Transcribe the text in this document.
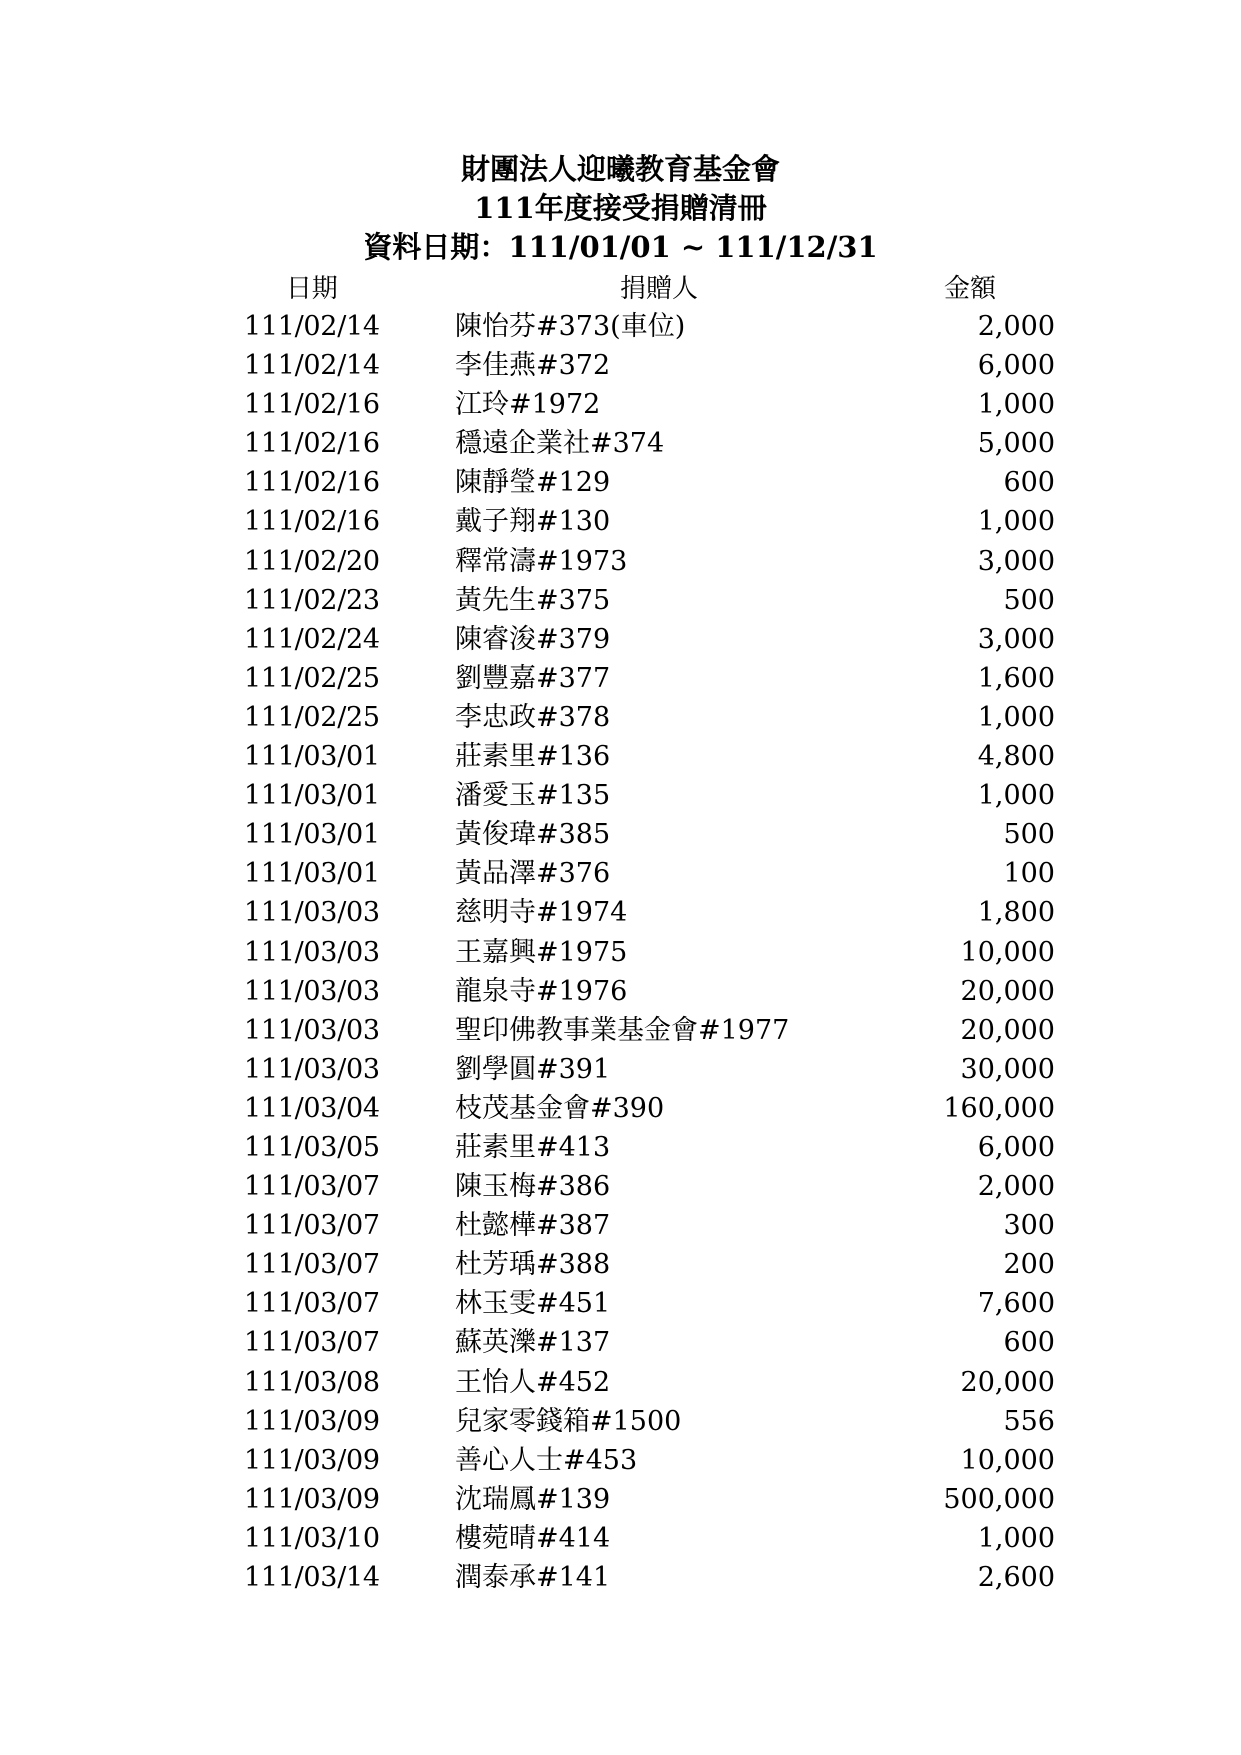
財團法人迎曦教育基金會
111年度接受捐贈清冊
資料日期：111/01/01 ~ 111/12/31
日期	捐贈人	金額
111/02/14	陳怡芬#373(車位)	2,000
111/02/14	李佳燕#372	6,000
111/02/16	江玲#1972	1,000
111/02/16	穩遠企業社#374	5,000
111/02/16	陳靜瑩#129	600
111/02/16	戴子翔#130	1,000
111/02/20	釋常濤#1973	3,000
111/02/23	黃先生#375	500
111/02/24	陳睿浚#379	3,000
111/02/25	劉豐嘉#377	1,600
111/02/25	李忠政#378	1,000
111/03/01	莊素里#136	4,800
111/03/01	潘愛玉#135	1,000
111/03/01	黃俊瑋#385	500
111/03/01	黃品澤#376	100
111/03/03	慈明寺#1974	1,800
111/03/03	王嘉興#1975	10,000
111/03/03	龍泉寺#1976	20,000
111/03/03	聖印佛教事業基金會#1977	20,000
111/03/03	劉學圓#391	30,000
111/03/04	枝茂基金會#390	160,000
111/03/05	莊素里#413	6,000
111/03/07	陳玉梅#386	2,000
111/03/07	杜懿樺#387	300
111/03/07	杜芳瑀#388	200
111/03/07	林玉雯#451	7,600
111/03/07	蘇英濼#137	600
111/03/08	王怡人#452	20,000
111/03/09	兒家零錢箱#1500	556
111/03/09	善心人士#453	10,000
111/03/09	沈瑞鳳#139	500,000
111/03/10	樓菀晴#414	1,000
111/03/14	潤泰承#141	2,600
